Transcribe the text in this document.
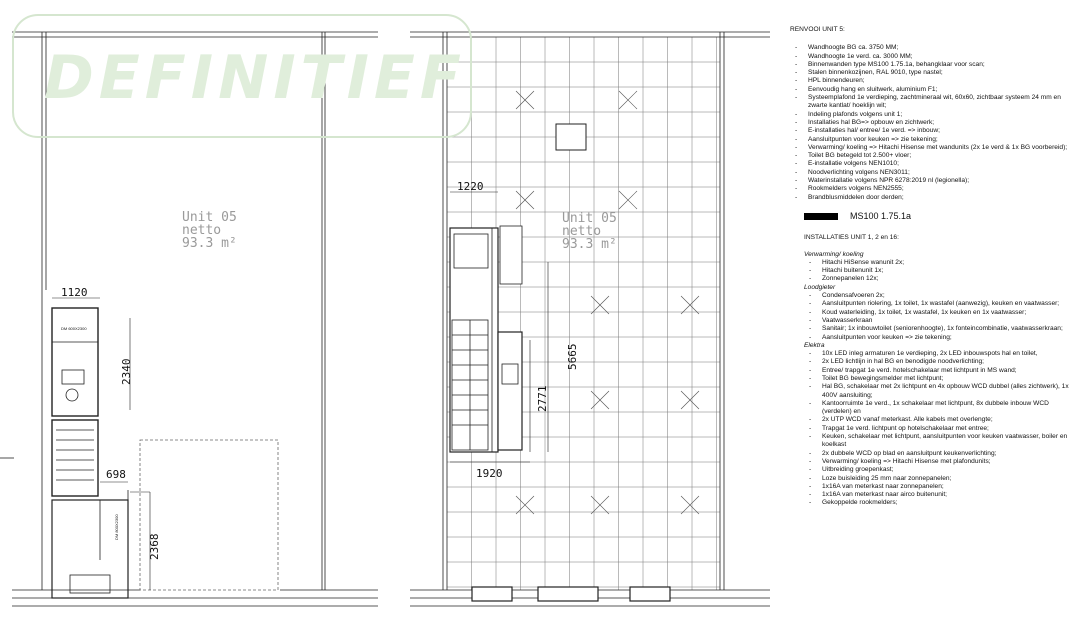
Unit 05
netto
93.3 m²
1120
2340
698
2368
DM 600X2300
DM 800X2300
Unit 05
netto
93.3 m²
1220
5665
2771
1920
DEFINITIEF
RENVOOI UNIT 5:
- Wandhoogte BG ca. 3750 MM;
- Wandhoogte 1e verd. ca. 3000 MM;
- Binnenwanden type MS100 1.75.1a, behangklaar voor scan;
- Stalen binnenkozijnen, RAL 9010, type nastel;
- HPL binnendeuren;
- Eenvoudig hang en sluitwerk, aluminium F1;
- Systeemplafond 1e verdieping, zachtmineraal wit, 60x60, zichtbaar systeem 24 mm en zwarte kantlat/ hoeklijn wit;
- Indeling plafonds volgens unit 1;
- Installaties hal BG=> opbouw en zichtwerk;
- E-installaties hal/ entree/ 1e verd. => inbouw;
- Aansluitpunten voor keuken => zie tekening;
- Verwarming/ koeling => Hitachi Hisense met wandunits (2x 1e verd & 1x BG voorbereid);
- Toilet BG betegeld tot 2.500+ vloer;
- E-installatie volgens NEN1010;
- Noodverlichting volgens NEN3011;
- Waterinstallatie volgens NPR 6278:2019 nl (legionella);
- Rookmelders volgens NEN2555;
- Brandblusmiddelen door derden;
MS100 1.75.1a
INSTALLATIES UNIT 1, 2 en 16:
Verwarming/ koeling
- Hitachi HiSense wanunit 2x;
- Hitachi buitenunit 1x;
- Zonnepanelen 12x;
Loodgieter
- Condensafvoeren 2x;
- Aansluitpunten riolering, 1x toilet, 1x wastafel (aanwezig), keuken en vaatwasser;
- Koud waterleiding, 1x toilet, 1x wastafel, 1x keuken en 1x vaatwasser;
- Vaatwasserkraan
- Sanitair; 1x inbouwtoilet (seniorenhoogte), 1x fonteincombinatie, vaatwasserkraan;
- Aansluitpunten voor keuken => zie tekening;
Elektra
- 10x LED inleg armaturen 1e verdieping, 2x LED inbouwspots hal en toilet,
- 2x LED lichtlijn in hal BG en benodigde noodverlichting;
- Entree/ trapgat 1e verd. hotelschakelaar met lichtpunt in MS wand;
- Toilet BG bewegingsmelder met lichtpunt;
- Hal BG, schakelaar met 2x lichtpunt en 4x opbouw WCD dubbel (alles zichtwerk), 1x 400V aansluiting;
- Kantoorruimte 1e verd., 1x schakelaar met lichtpunt, 8x dubbele inbouw WCD (verdelen) en
- 2x UTP WCD vanaf meterkast. Alle kabels met overlengte;
- Trapgat 1e verd. lichtpunt op hotelschakelaar met entree;
- Keuken, schakelaar met lichtpunt, aansluitpunten voor keuken vaatwasser, boiler en koelkast
- 2x dubbele WCD op blad en aansluitpunt keukenverlichting;
- Verwarming/ koeling => Hitachi Hisense met plafondunits;
- Uitbreiding groepenkast;
- Loze buisleiding 25 mm naar zonnepanelen;
- 1x16A van meterkast naar zonnepanelen;
- 1x16A van meterkast naar airco buitenunit;
- Gekoppelde rookmelders;
